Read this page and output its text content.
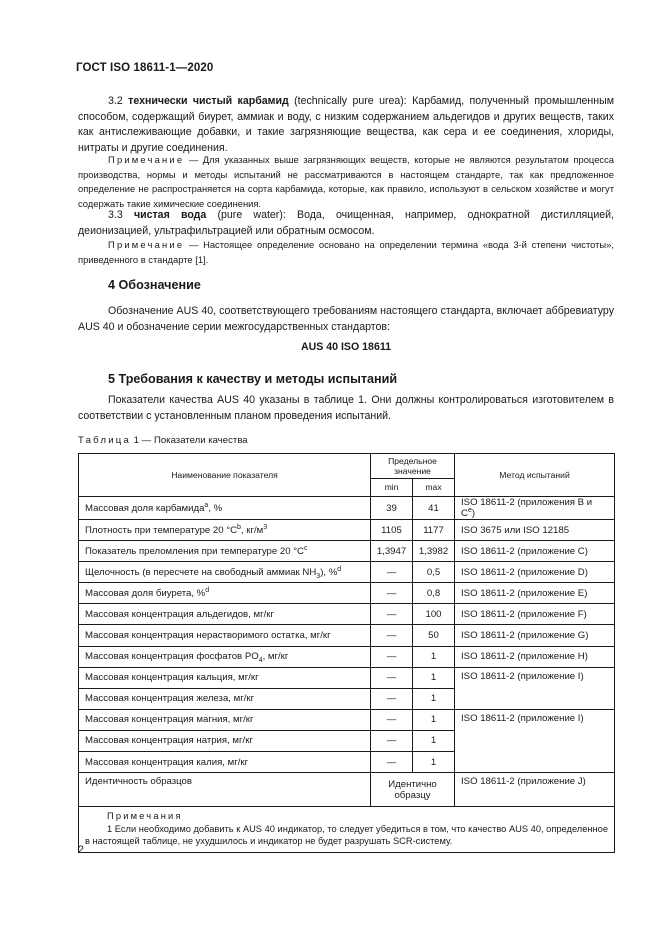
ГОСТ ISO 18611-1—2020
3.2 технически чистый карбамид (technically pure urea): Карбамид, полученный промышленным способом, содержащий биурет, аммиак и воду, с низким содержанием альдегидов и других веществ, таких как антислеживающие добавки, и такие загрязняющие вещества, как сера и ее соединения, хлориды, нитраты и другие соединения.
Примечание — Для указанных выше загрязняющих веществ, которые не являются результатом процесса производства, нормы и методы испытаний не рассматриваются в настоящем стандарте, так как предложенное определение не распространяется на сорта карбамида, которые, как правило, используют в сельском хозяйстве и могут содержать такие химические соединения.
3.3 чистая вода (pure water): Вода, очищенная, например, однократной дистилляцией, деионизацией, ультрафильтрацией или обратным осмосом.
Примечание — Настоящее определение основано на определении термина «вода 3-й степени чистоты», приведенного в стандарте [1].
4 Обозначение
Обозначение AUS 40, соответствующего требованиям настоящего стандарта, включает аббревиатуру AUS 40 и обозначение серии межгосударственных стандартов:
AUS 40 ISO 18611
5 Требования к качеству и методы испытаний
Показатели качества AUS 40 указаны в таблице 1. Они должны контролироваться изготовителем в соответствии с установленным планом проведения испытаний.
Таблица 1 — Показатели качества
Наименование показателя	Предельное значение		Метод испытаний
	min	max	
Массовая доля карбамида$^a$, %	39	41	ISO 18611-2 (приложения B и Ce)
Плотность при температуре 20 $^\circ С^b$, $кг/м^3$	1105	1177	ISO 3675 или ISO 12185
Показатель преломления при температуре 20 $^\circ С^c$	1,3947	1,3982	ISO 18611-2 (приложение C)
Щелочность (в пересчете на свободный аммиак $NH_3$), %$^d$	—	0,5	ISO 18611-2 (приложение D)
Массовая доля биурета, %$^d$	—	0,8	ISO 18611-2 (приложение E)
Массовая концентрация альдегидов, мг/кг	—	100	ISO 18611-2 (приложение F)
Массовая концентрация нерастворимого остатка, мг/кг	—	50	ISO 18611-2 (приложение G)
Массовая концентрация фосфатов $PO_4$, мг/кг	—	1	ISO 18611-2 (приложение H)
Массовая концентрация кальция, мг/кг	—	1	ISO 18611-2 (приложение I)
Массовая концентрация железа, мг/кг	—	1	
Массовая концентрация магния, мг/кг	—	1	ISO 18611-2 (приложение I)
Массовая концентрация натрия, мг/кг	—	1	
Массовая концентрация калия, мг/кг	—	1	
Идентичность образцов	Идентично образцу		ISO 18611-2 (приложение J)

Примечания
1 Если необходимо добавить к AUS 40 индикатор, то следует убедиться в том, что качество AUS 40, определенное в настоящей таблице, не ухудшилось и индикатор не будет разрушать SCR-систему.			
2
